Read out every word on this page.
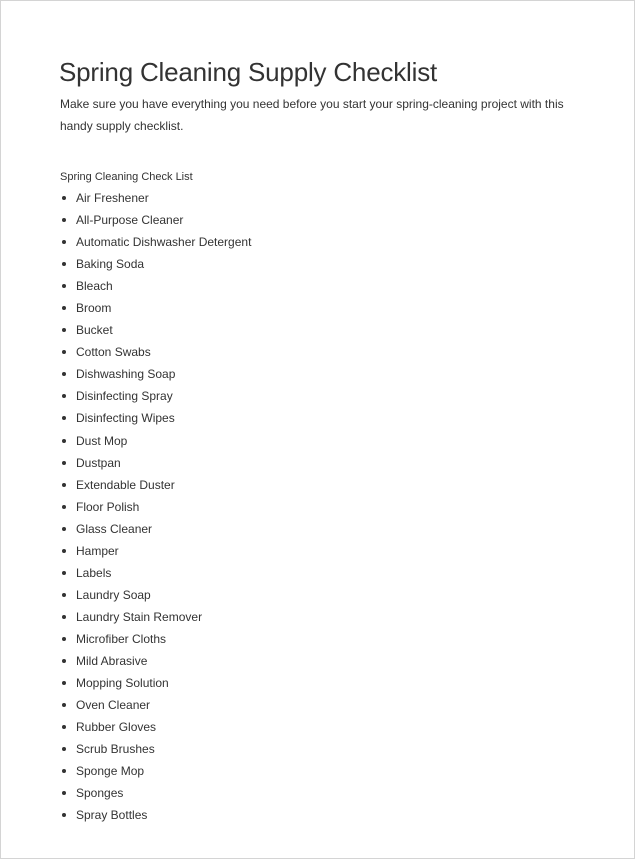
Spring Cleaning Supply Checklist

Make sure you have everything you need before you start your spring-cleaning project with this handy supply checklist.

Spring Cleaning Check List

Air Freshener
All-Purpose Cleaner
Automatic Dishwasher Detergent
Baking Soda
Bleach
Broom
Bucket
Cotton Swabs
Dishwashing Soap
Disinfecting Spray
Disinfecting Wipes
Dust Mop
Dustpan
Extendable Duster
Floor Polish
Glass Cleaner
Hamper
Labels
Laundry Soap
Laundry Stain Remover
Microfiber Cloths
Mild Abrasive
Mopping Solution
Oven Cleaner
Rubber Gloves
Scrub Brushes
Sponge Mop
Sponges
Spray Bottles
